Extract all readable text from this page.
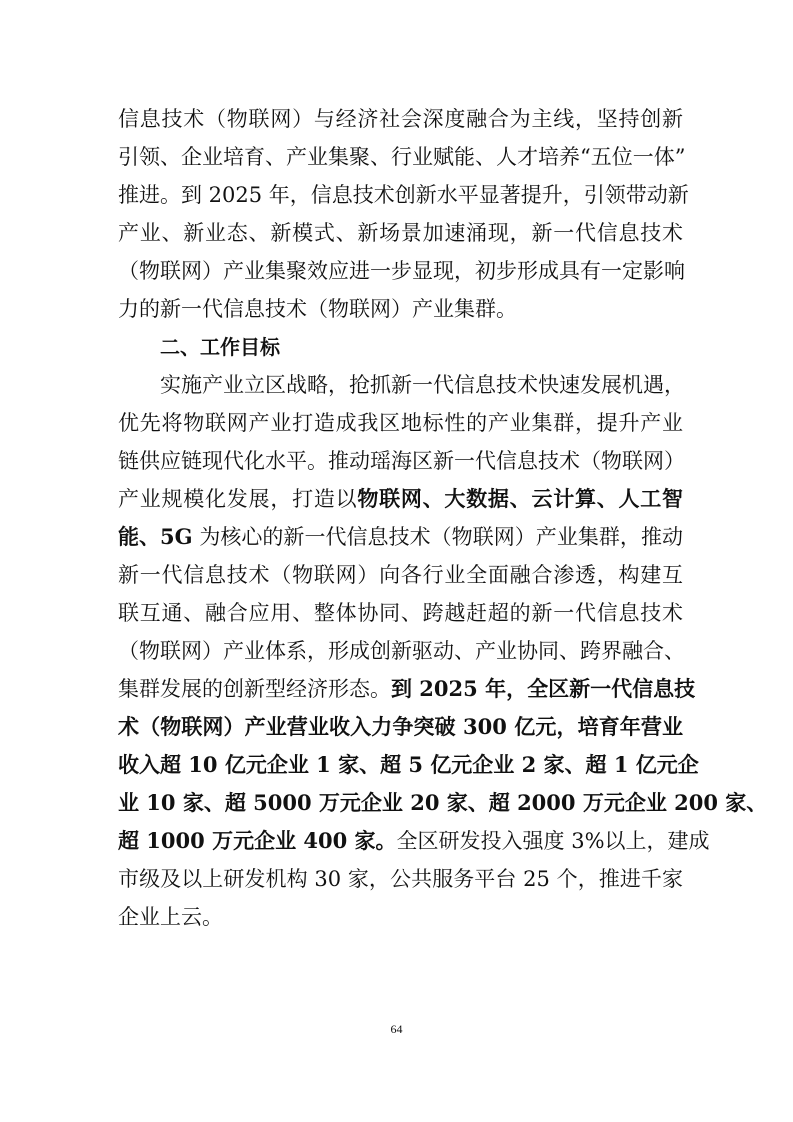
信息技术（物联网）与经济社会深度融合为主线，坚持创新
引领、企业培育、产业集聚、行业赋能、人才培养“五位一体”
推进。到 2025 年，信息技术创新水平显著提升，引领带动新
产业、新业态、新模式、新场景加速涌现，新一代信息技术
（物联网）产业集聚效应进一步显现，初步形成具有一定影响
力的新一代信息技术（物联网）产业集群。
二、工作目标
实施产业立区战略，抢抓新一代信息技术快速发展机遇，
优先将物联网产业打造成我区地标性的产业集群，提升产业
链供应链现代化水平。推动瑶海区新一代信息技术（物联网）
产业规模化发展，打造以物联网、大数据、云计算、人工智
能、5G 为核心的新一代信息技术（物联网）产业集群，推动
新一代信息技术（物联网）向各行业全面融合渗透，构建互
联互通、融合应用、整体协同、跨越赶超的新一代信息技术
（物联网）产业体系，形成创新驱动、产业协同、跨界融合、
集群发展的创新型经济形态。到 2025 年，全区新一代信息技
术（物联网）产业营业收入力争突破 300 亿元，培育年营业
收入超 10 亿元企业 1 家、超 5 亿元企业 2 家、超 1 亿元企
业 10 家、超 5000 万元企业 20 家、超 2000 万元企业 200 家、
超 1000 万元企业 400 家。全区研发投入强度 3%以上，建成
市级及以上研发机构 30 家，公共服务平台 25 个，推进千家
企业上云。
64
